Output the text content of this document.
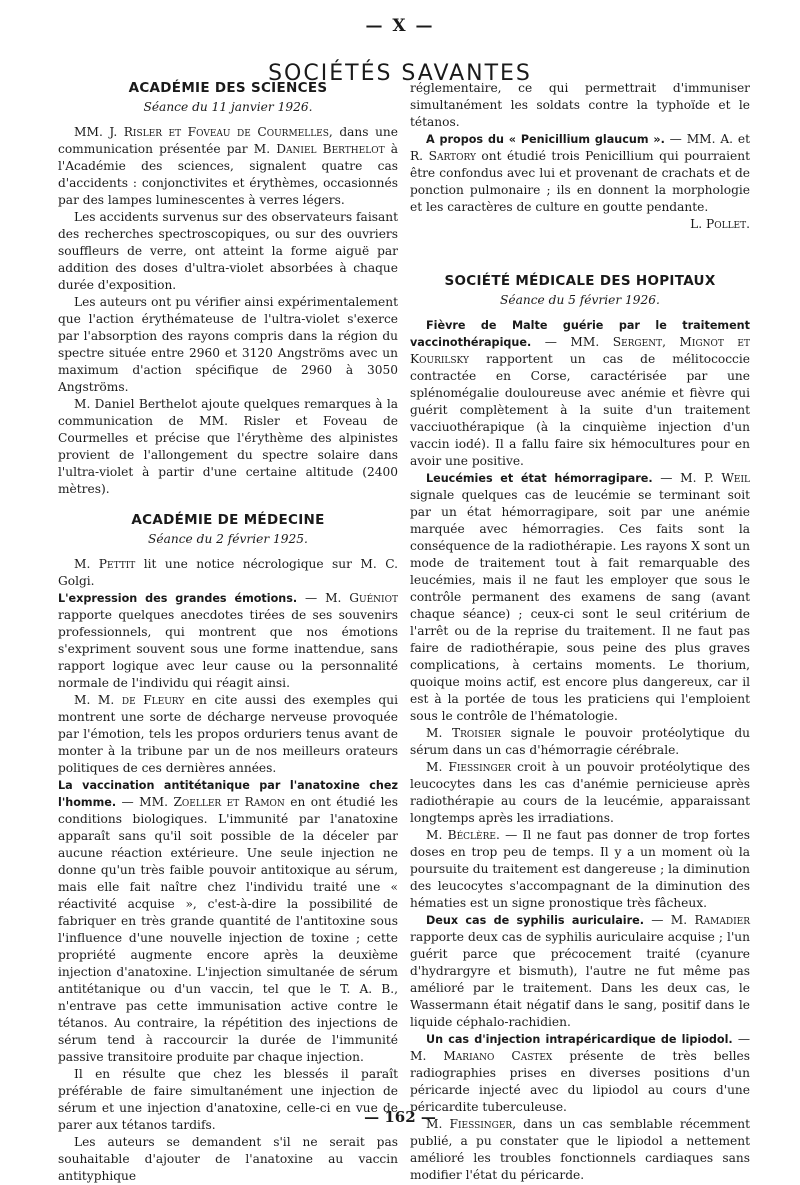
— X —
SOCIÉTÉS SAVANTES
ACADÉMIE DES SCIENCES
Séance du 11 janvier 1926.

MM. J. Risler et Foveau de Courmelles, dans une communication présentée par M. Daniel Berthelot à l'Académie des sciences, signalent quatre cas d'accidents : conjonctivites et érythèmes, occasionnés par des lampes luminescentes à verres légers.

Les accidents survenus sur des observateurs faisant des recherches spectroscopiques, ou sur des ouvriers souffleurs de verre, ont atteint la forme aiguë par addition des doses d'ultra-violet absorbées à chaque durée d'exposition.

Les auteurs ont pu vérifier ainsi expérimentalement que l'action érythémateuse de l'ultra-violet s'exerce par l'absorption des rayons compris dans la région du spectre située entre 2960 et 3120 Angströms avec un maximum d'action spécifique de 2960 à 3050 Angströms.

M. Daniel Berthelot ajoute quelques remarques à la communication de MM. Risler et Foveau de Courmelles et précise que l'érythème des alpinistes provient de l'allongement du spectre solaire dans l'ultra-violet à partir d'une certaine altitude (2400 mètres).

ACADÉMIE DE MÉDECINE
Séance du 2 février 1925.

M. Pettit lit une notice nécrologique sur M. C. Golgi.

L'expression des grandes émotions. — M. Guéniot rapporte quelques anecdotes tirées de ses souvenirs professionnels, qui montrent que nos émotions s'expriment souvent sous une forme inattendue, sans rapport logique avec leur cause ou la personnalité normale de l'individu qui réagit ainsi.

M. M. de Fleury en cite aussi des exemples qui montrent une sorte de décharge nerveuse provoquée par l'émotion, tels les propos orduriers tenus avant de monter à la tribune par un de nos meilleurs orateurs politiques de ces dernières années.

La vaccination antitétanique par l'anatoxine chez l'homme. — MM. Zoeller et Ramon en ont étudié les conditions biologiques. L'immunité par l'anatoxine apparaît sans qu'il soit possible de la déceler par aucune réaction extérieure. Une seule injection ne donne qu'un très faible pouvoir antitoxique au sérum, mais elle fait naître chez l'individu traité une « réactivité acquise », c'est-à-dire la possibilité de fabriquer en très grande quantité de l'antitoxine sous l'influence d'une nouvelle injection de toxine ; cette propriété augmente encore après la deuxième injection d'anatoxine. L'injection simultanée de sérum antitétanique ou d'un vaccin, tel que le T. A. B., n'entrave pas cette immunisation active contre le tétanos. Au contraire, la répétition des injections de sérum tend à raccourcir la durée de l'immunité passive transitoire produite par chaque injection.

Il en résulte que chez les blessés il paraît préférable de faire simultanément une injection de sérum et une injection d'anatoxine, celle-ci en vue de parer aux tétanos tardifs.

Les auteurs se demandent s'il ne serait pas souhaitable d'ajouter de l'anatoxine au vaccin antityphique

réglementaire, ce qui permettrait d'immuniser simultanément les soldats contre la typhoïde et le tétanos.

A propos du « Penicillium glaucum ». — MM. A. et R. Sartory ont étudié trois Penicillium qui pourraient être confondus avec lui et provenant de crachats et de ponction pulmonaire ; ils en donnent la morphologie et les caractères de culture en goutte pendante.

L. Pollet.

SOCIÉTÉ MÉDICALE DES HOPITAUX
Séance du 5 février 1926.

Fièvre de Malte guérie par le traitement vaccinothérapique. — MM. Sergent, Mignot et Kourilsky rapportent un cas de mélitococcie contractée en Corse, caractérisée par une splénomégalie douloureuse avec anémie et fièvre qui guérit complètement à la suite d'un traitement vacciuothérapique (à la cinquième injection d'un vaccin iodé). Il a fallu faire six hémocultures pour en avoir une positive.

Leucémies et état hémorragipare. — M. P. Weil signale quelques cas de leucémie se terminant soit par un état hémorragipare, soit par une anémie marquée avec hémorragies. Ces faits sont la conséquence de la radiothérapie. Les rayons X sont un mode de traitement tout à fait remarquable des leucémies, mais il ne faut les employer que sous le contrôle permanent des examens de sang (avant chaque séance) ; ceux-ci sont le seul critérium de l'arrêt ou de la reprise du traitement. Il ne faut pas faire de radiothérapie, sous peine des plus graves complications, à certains moments. Le thorium, quoique moins actif, est encore plus dangereux, car il est à la portée de tous les praticiens qui l'emploient sous le contrôle de l'hématologie.

M. Troisier signale le pouvoir protéolytique du sérum dans un cas d'hémorragie cérébrale.

M. Fiessinger croit à un pouvoir protéolytique des leucocytes dans les cas d'anémie pernicieuse après radiothérapie au cours de la leucémie, apparaissant longtemps après les irradiations.

M. Béclère. — Il ne faut pas donner de trop fortes doses en trop peu de temps. Il y a un moment où la poursuite du traitement est dangereuse ; la diminution des leucocytes s'accompagnant de la diminution des hématies est un signe pronostique très fâcheux.

Deux cas de syphilis auriculaire. — M. Ramadier rapporte deux cas de syphilis auriculaire acquise ; l'un guérit parce que précocement traité (cyanure d'hydrargyre et bismuth), l'autre ne fut même pas amélioré par le traitement. Dans les deux cas, le Wassermann était négatif dans le sang, positif dans le liquide céphalo-rachidien.

Un cas d'injection intrapéricardique de lipiodol. — M. Mariano Castex présente de très belles radiographies prises en diverses positions d'un péricarde injecté avec du lipiodol au cours d'une péricardite tuberculeuse.

M. Fiessinger, dans un cas semblable récemment publié, a pu constater que le lipiodol a nettement amélioré les troubles fonctionnels cardiaques sans modifier l'état du péricarde.

— 162 —
